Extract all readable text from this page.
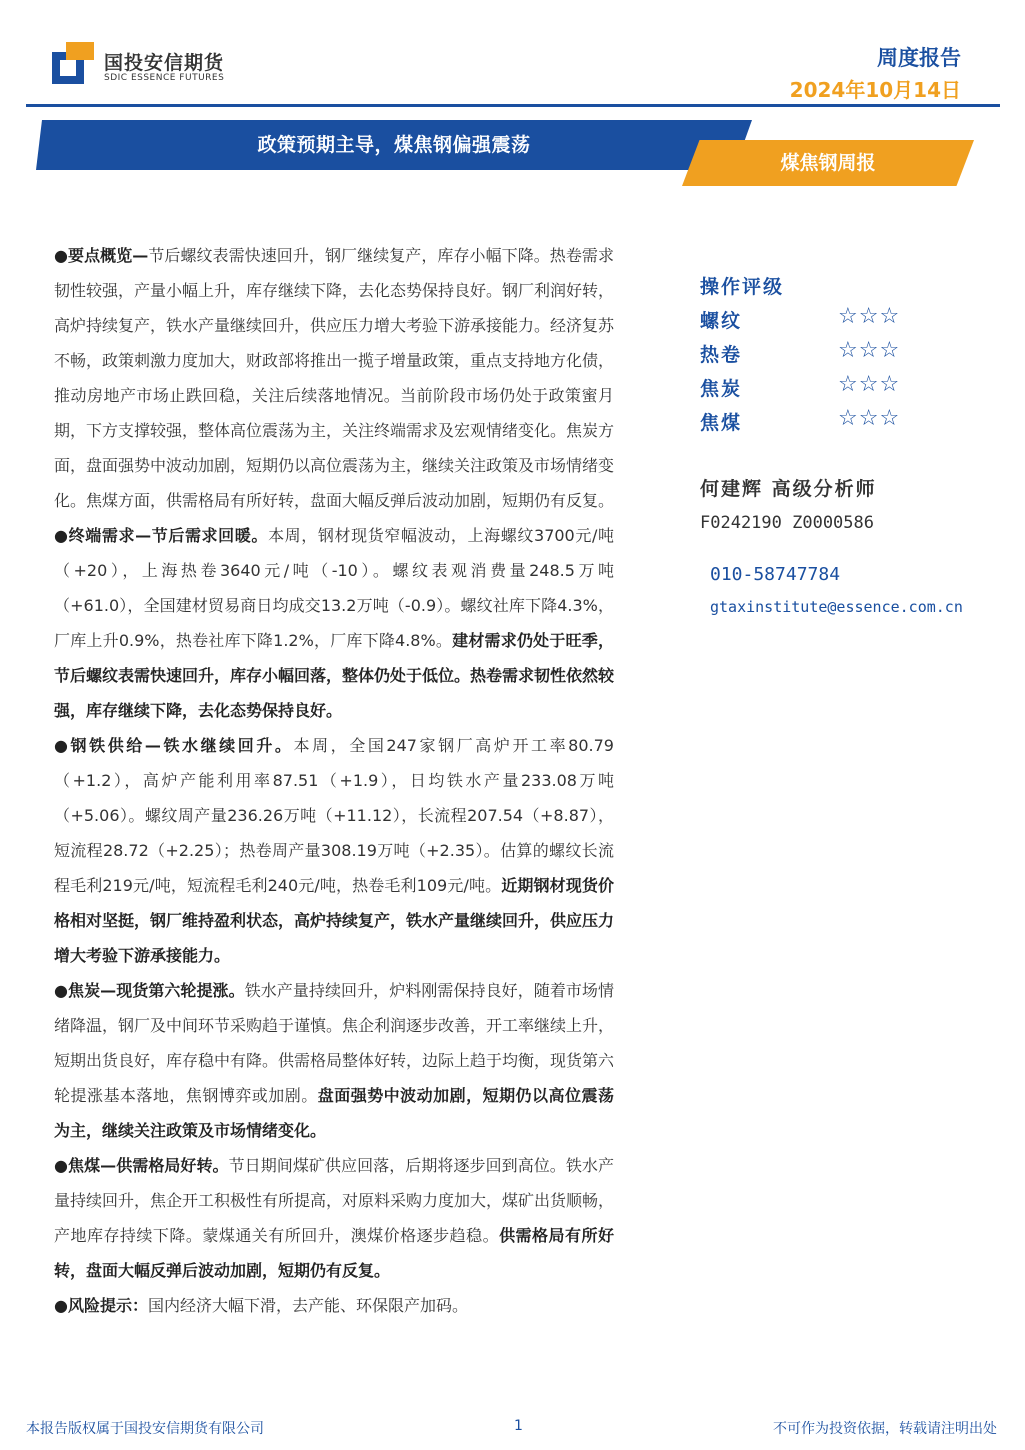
国投安信期货
SDIC ESSENCE FUTURES
周度报告
2024年10月14日
政策预期主导，煤焦钢偏强震荡
煤焦钢周报

●要点概览—节后螺纹表需快速回升，钢厂继续复产，库存小幅下降。热卷需求韧性较强，产量小幅上升，库存继续下降，去化态势保持良好。钢厂利润好转，高炉持续复产，铁水产量继续回升，供应压力增大考验下游承接能力。经济复苏不畅，政策刺激力度加大，财政部将推出一揽子增量政策，重点支持地方化债，推动房地产市场止跌回稳，关注后续落地情况。当前阶段市场仍处于政策蜜月期，下方支撑较强，整体高位震荡为主，关注终端需求及宏观情绪变化。焦炭方面，盘面强势中波动加剧，短期仍以高位震荡为主，继续关注政策及市场情绪变化。焦煤方面，供需格局有所好转，盘面大幅反弹后波动加剧，短期仍有反复。

●终端需求—节后需求回暖。本周，钢材现货窄幅波动，上海螺纹3700元/吨（+20），上海热卷3640元/吨（-10）。螺纹表观消费量248.5万吨（+61.0），全国建材贸易商日均成交13.2万吨（-0.9）。螺纹社库下降4.3%，厂库上升0.9%，热卷社库下降1.2%，厂库下降4.8%。建材需求仍处于旺季，节后螺纹表需快速回升，库存小幅回落，整体仍处于低位。热卷需求韧性依然较强，库存继续下降，去化态势保持良好。

●钢铁供给—铁水继续回升。本周，全国247家钢厂高炉开工率80.79（+1.2），高炉产能利用率87.51（+1.9），日均铁水产量233.08万吨（+5.06）。螺纹周产量236.26万吨（+11.12），长流程207.54（+8.87），短流程28.72（+2.25）；热卷周产量308.19万吨（+2.35）。估算的螺纹长流程毛利219元/吨，短流程毛利240元/吨，热卷毛利109元/吨。近期钢材现货价格相对坚挺，钢厂维持盈利状态，高炉持续复产，铁水产量继续回升，供应压力增大考验下游承接能力。

●焦炭—现货第六轮提涨。铁水产量持续回升，炉料刚需保持良好，随着市场情绪降温，钢厂及中间环节采购趋于谨慎。焦企利润逐步改善，开工率继续上升，短期出货良好，库存稳中有降。供需格局整体好转，边际上趋于均衡，现货第六轮提涨基本落地，焦钢博弈或加剧。盘面强势中波动加剧，短期仍以高位震荡为主，继续关注政策及市场情绪变化。

●焦煤—供需格局好转。节日期间煤矿供应回落，后期将逐步回到高位。铁水产量持续回升，焦企开工积极性有所提高，对原料采购力度加大，煤矿出货顺畅，产地库存持续下降。蒙煤通关有所回升，澳煤价格逐步趋稳。供需格局有所好转，盘面大幅反弹后波动加剧，短期仍有反复。

●风险提示：国内经济大幅下滑，去产能、环保限产加码。

操作评级
螺纹	☆☆☆
热卷	☆☆☆
焦炭	☆☆☆
焦煤	☆☆☆
何建辉 高级分析师
F0242190 Z0000586
010-58747784
gtaxinstitute@essence.com.cn
本报告版权属于国投安信期货有限公司	1	不可作为投资依据，转载请注明出处
